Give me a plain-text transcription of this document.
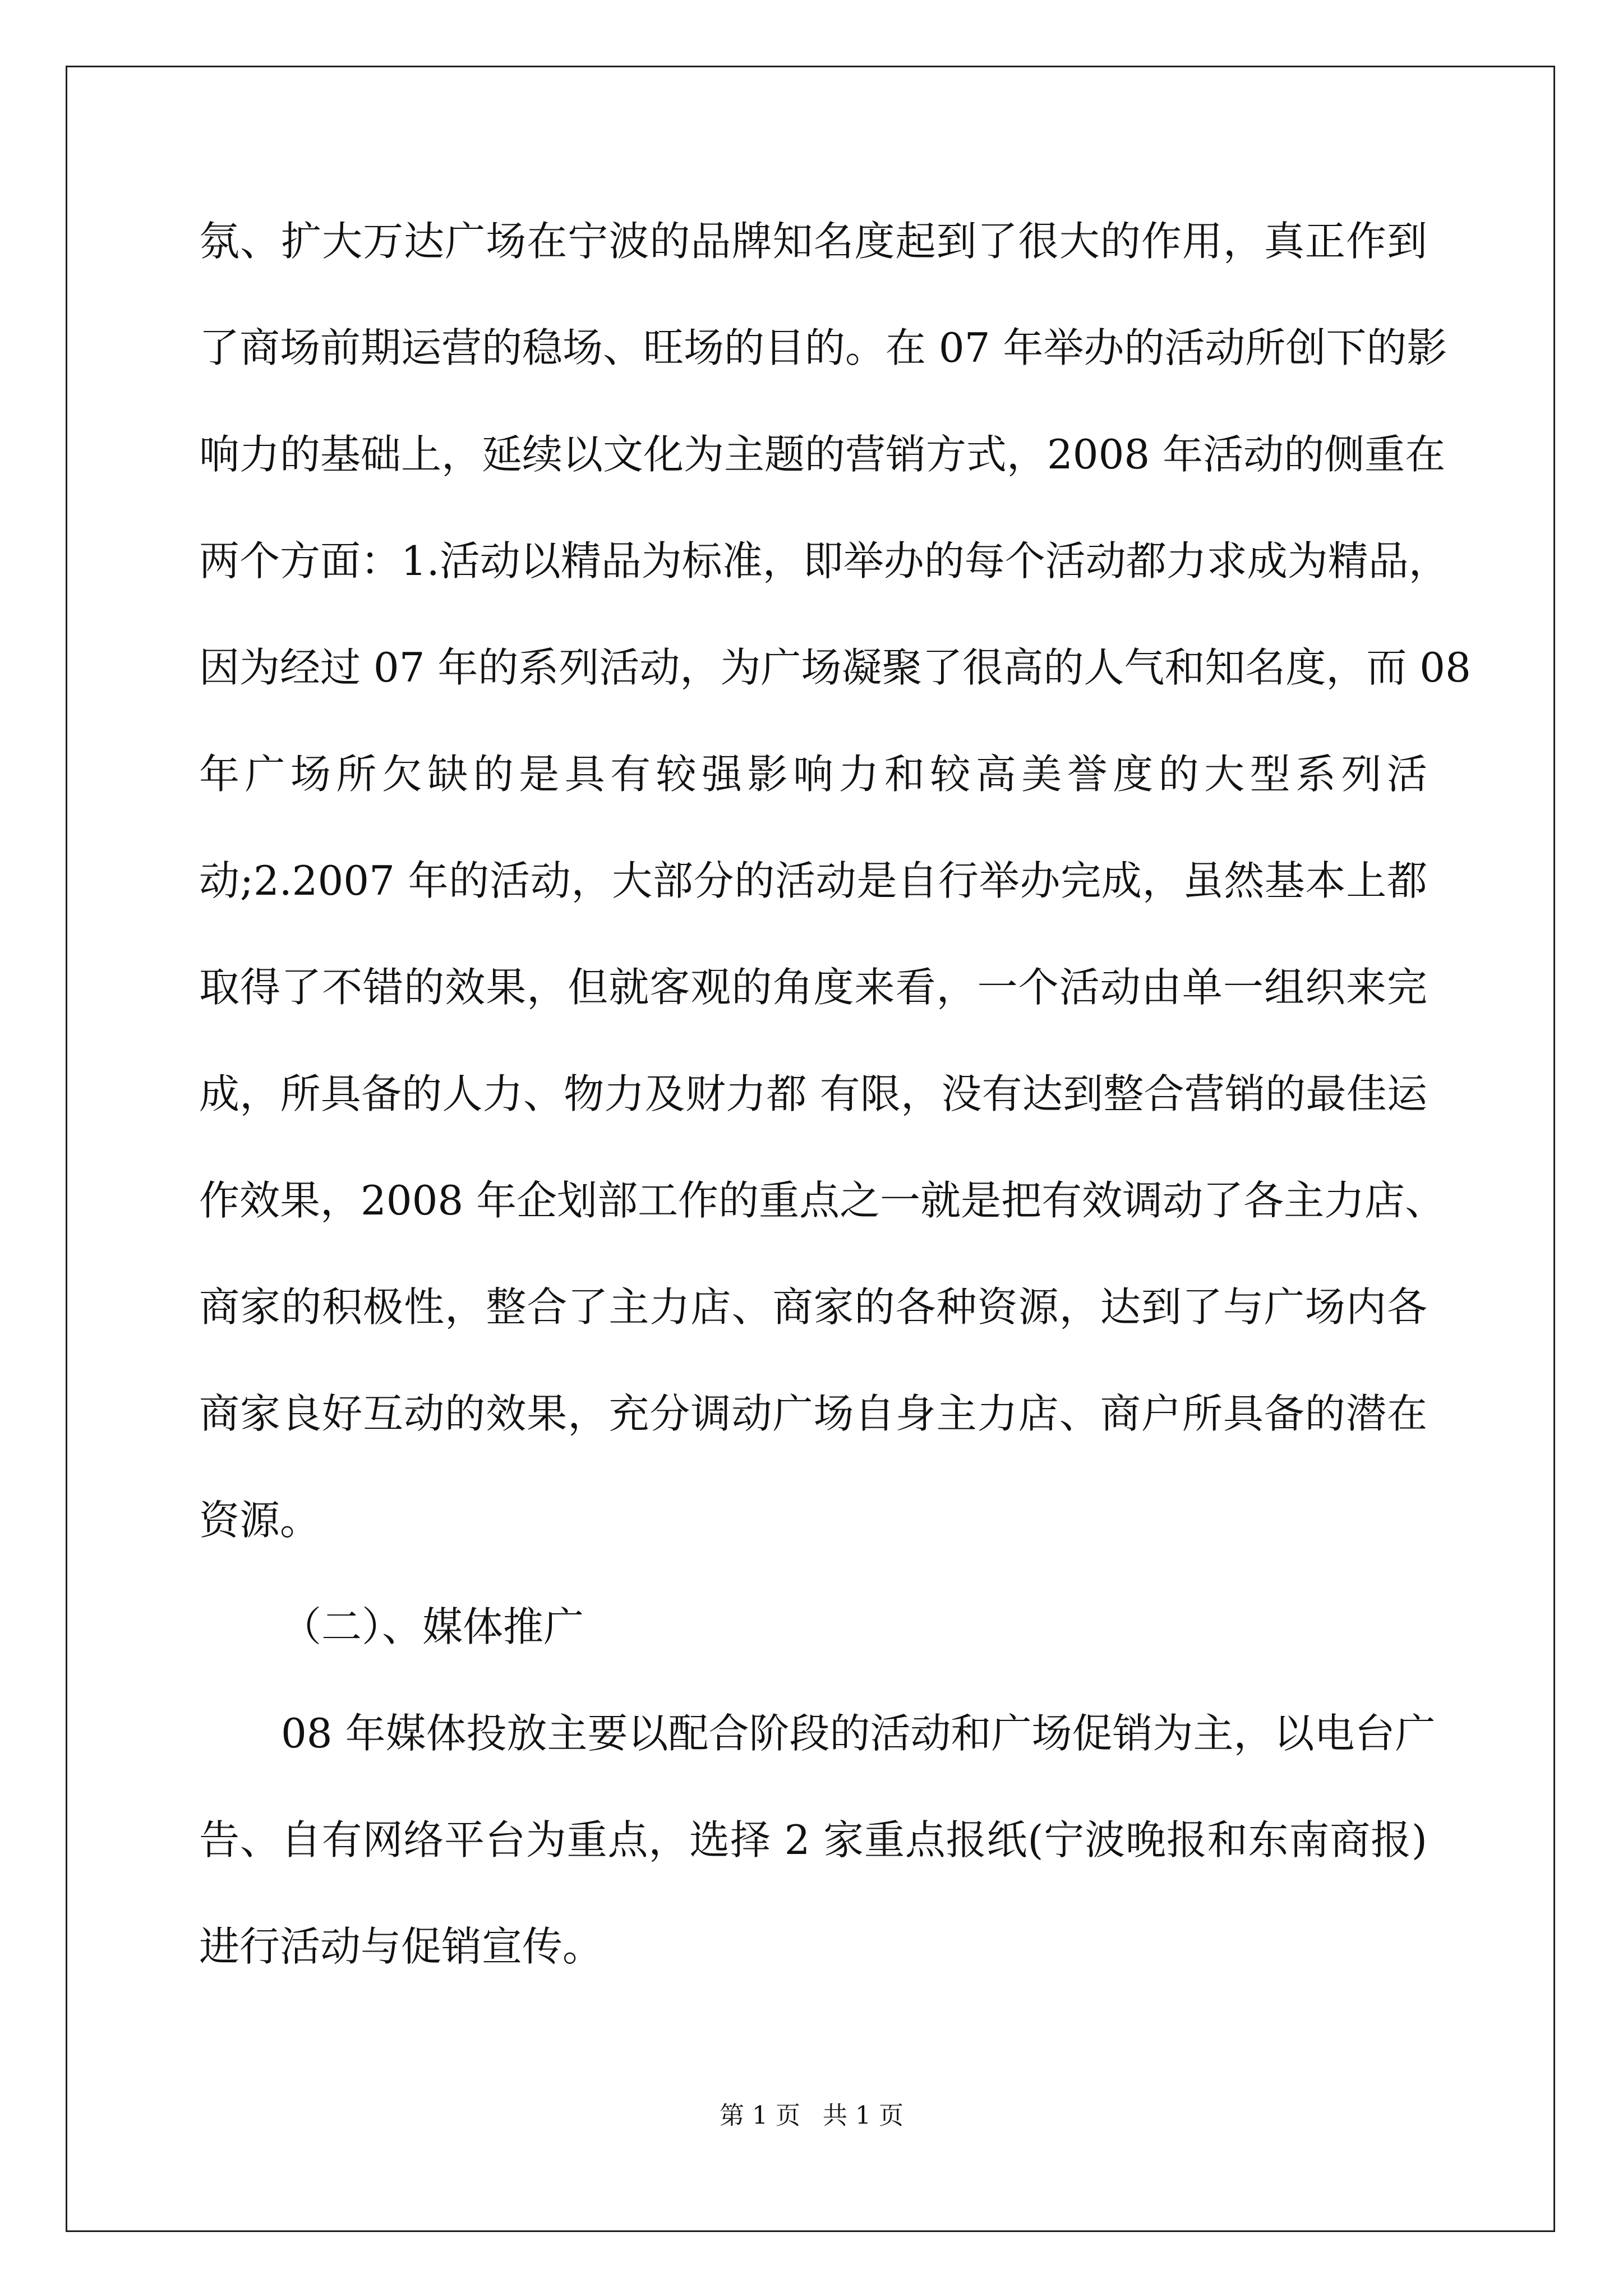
氛、扩大万达广场在宁波的品牌知名度起到了很大的作用，真正作到
了商场前期运营的稳场、旺场的目的。在 07 年举办的活动所创下的影
响力的基础上，延续以文化为主题的营销方式，2008 年活动的侧重在
两个方面：1.活动以精品为标准，即举办的每个活动都力求成为精品，
因为经过 07 年的系列活动，为广场凝聚了很高的人气和知名度，而 08
年广场所欠缺的是具有较强影响力和较高美誉度的大型系列活
动;2.2007 年的活动，大部分的活动是自行举办完成，虽然基本上都
取得了不错的效果，但就客观的角度来看，一个活动由单一组织来完
成，所具备的人力、物力及财力都 有限，没有达到整合营销的最佳运
作效果，2008 年企划部工作的重点之一就是把有效调动了各主力店、
商家的积极性，整合了主力店、商家的各种资源，达到了与广场内各
商家良好互动的效果，充分调动广场自身主力店、商户所具备的潜在
资源。
（二）、媒体推广
08 年媒体投放主要以配合阶段的活动和广场促销为主，以电台广
告、自有网络平台为重点，选择 2 家重点报纸(宁波晚报和东南商报)
进行活动与促销宣传。
第 1 页 共 1 页
